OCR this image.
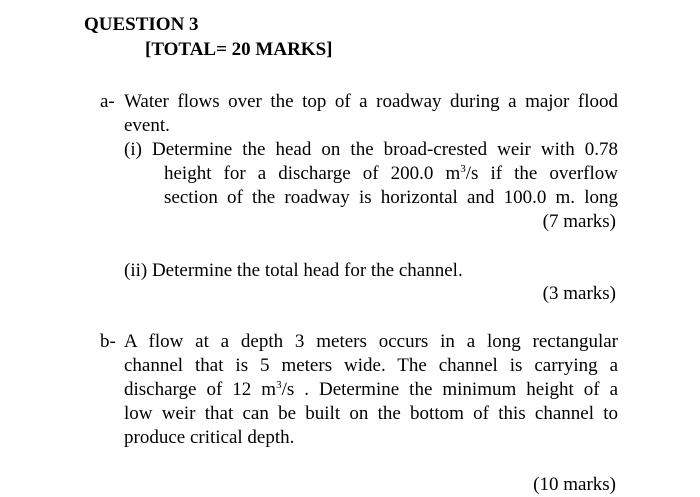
QUESTION 3
[TOTAL= 20 MARKS]
a- Water flows over the top of a roadway during a major flood
event.
(i) Determine the head on the broad-crested weir with 0.78
height for a discharge of 200.0 $m^3/s$ if the overflow
section of the roadway is horizontal and 100.0 m. long
(7 marks)
(ii) Determine the total head for the channel.
(3 marks)
b- A flow at a depth 3 meters occurs in a long rectangular
channel that is 5 meters wide. The channel is carrying a
discharge of 12 $m^3/s$ . Determine the minimum height of a
low weir that can be built on the bottom of this channel to
produce critical depth.
(10 marks)
